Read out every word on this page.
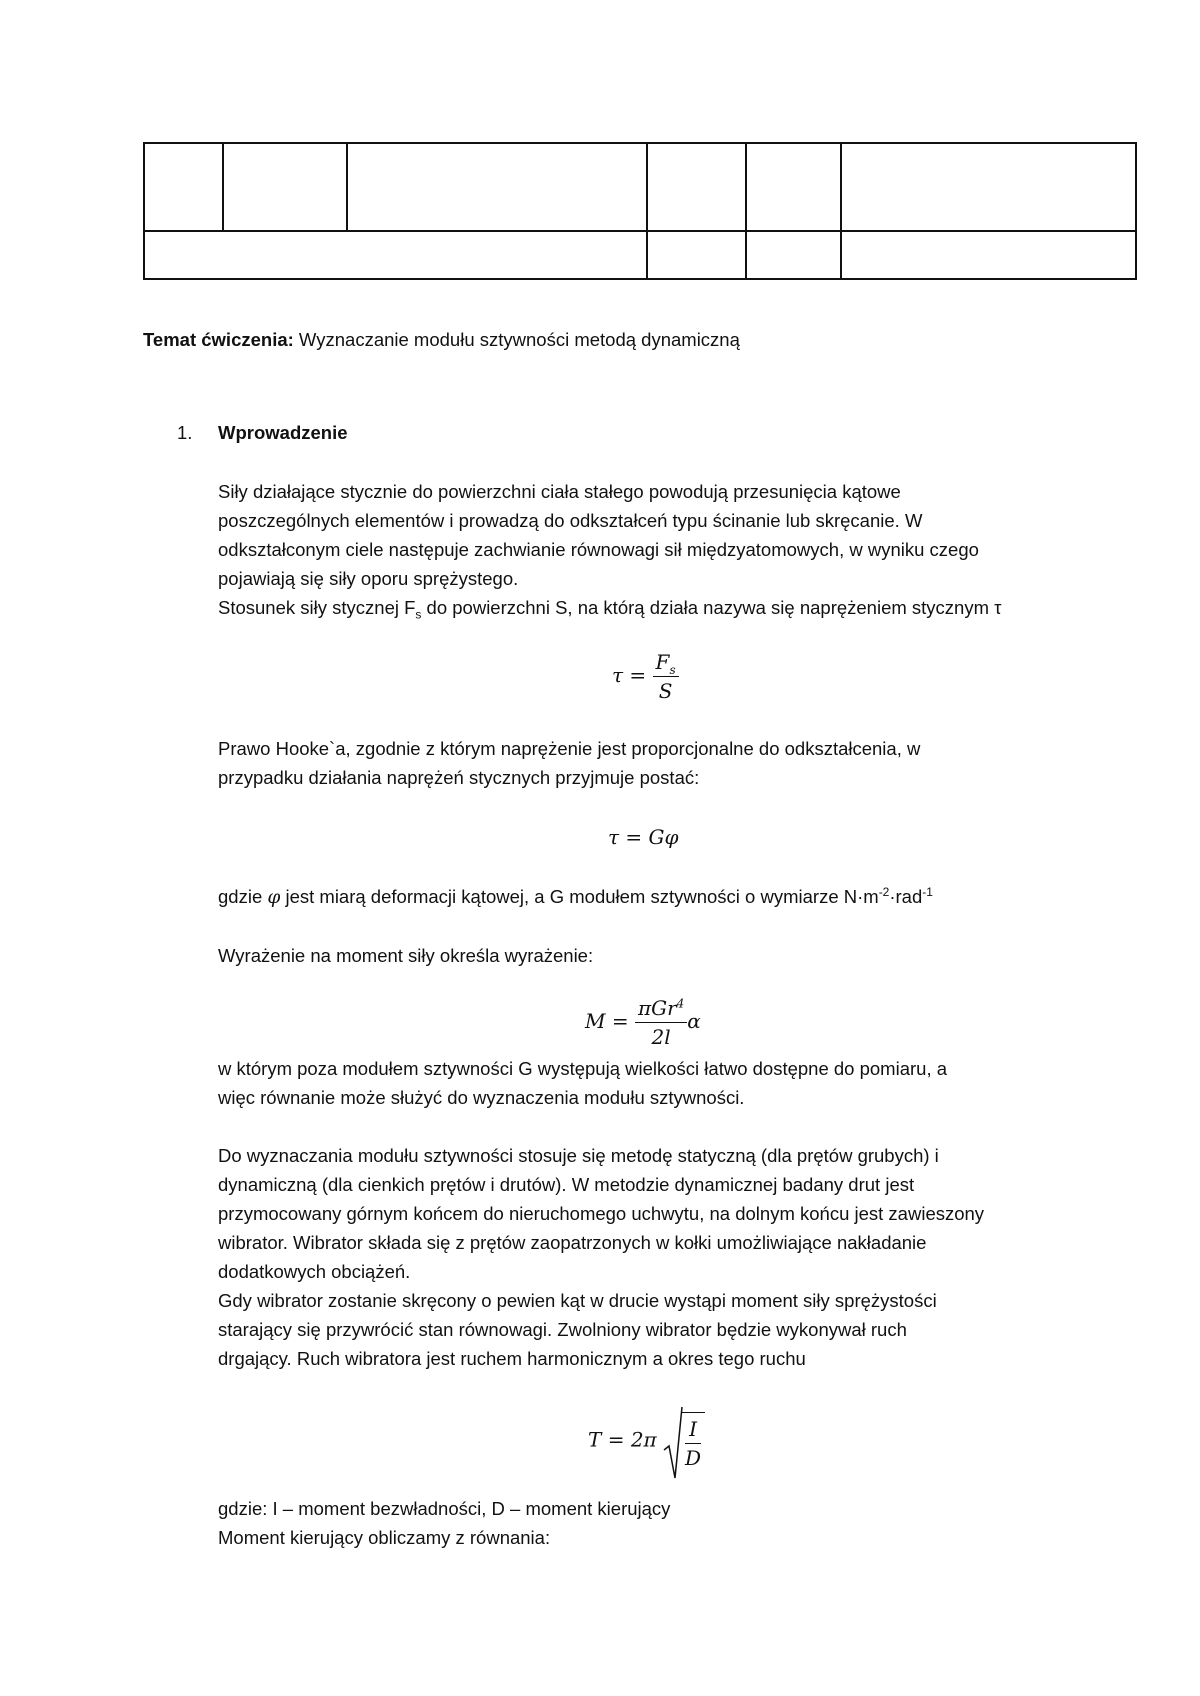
Temat ćwiczenia: Wyznaczanie modułu sztywności metodą dynamiczną
1. Wprowadzenie
Siły działające stycznie do powierzchni ciała stałego powodują przesunięcia kątowe
poszczególnych elementów i prowadzą do odkształceń typu ścinanie lub skręcanie. W
odkształconym ciele następuje zachwianie równowagi sił międzyatomowych, w wyniku czego
pojawiają się siły oporu sprężystego.
Stosunek siły stycznej $F_s$ do powierzchni S, na którą działa nazywa się naprężeniem stycznym τ
$\tau = \frac{F_s}{S}$
Prawo Hooke`a, zgodnie z którym naprężenie jest proporcjonalne do odkształcenia, w
przypadku działania naprężeń stycznych przyjmuje postać:
τ = Gφ
gdzie φ jest miarą deformacji kątowej, a G modułem sztywności o wymiarze $N\cdot m^{-2}\cdot rad^{-1}$
Wyrażenie na moment siły określa wyrażenie:
$M = \frac{\pi Gr^4}{2l}$ α
w którym poza modułem sztywności G występują wielkości łatwo dostępne do pomiaru, a
więc równanie może służyć do wyznaczenia modułu sztywności.
Do wyznaczania modułu sztywności stosuje się metodę statyczną (dla prętów grubych) i
dynamiczną (dla cienkich prętów i drutów). W metodzie dynamicznej badany drut jest
przymocowany górnym końcem do nieruchomego uchwytu, na dolnym końcu jest zawieszony
wibrator. Wibrator składa się z prętów zaopatrzonych w kołki umożliwiające nakładanie
dodatkowych obciążeń.
Gdy wibrator zostanie skręcony o pewien kąt w drucie wystąpi moment siły sprężystości
starający się przywrócić stan równowagi. Zwolniony wibrator będzie wykonywał ruch
drgający. Ruch wibratora jest ruchem harmonicznym a okres tego ruchu
$T = 2\pi \frac{I}{D}$
gdzie: I – moment bezwładności, D – moment kierujący
Moment kierujący obliczamy z równania:
